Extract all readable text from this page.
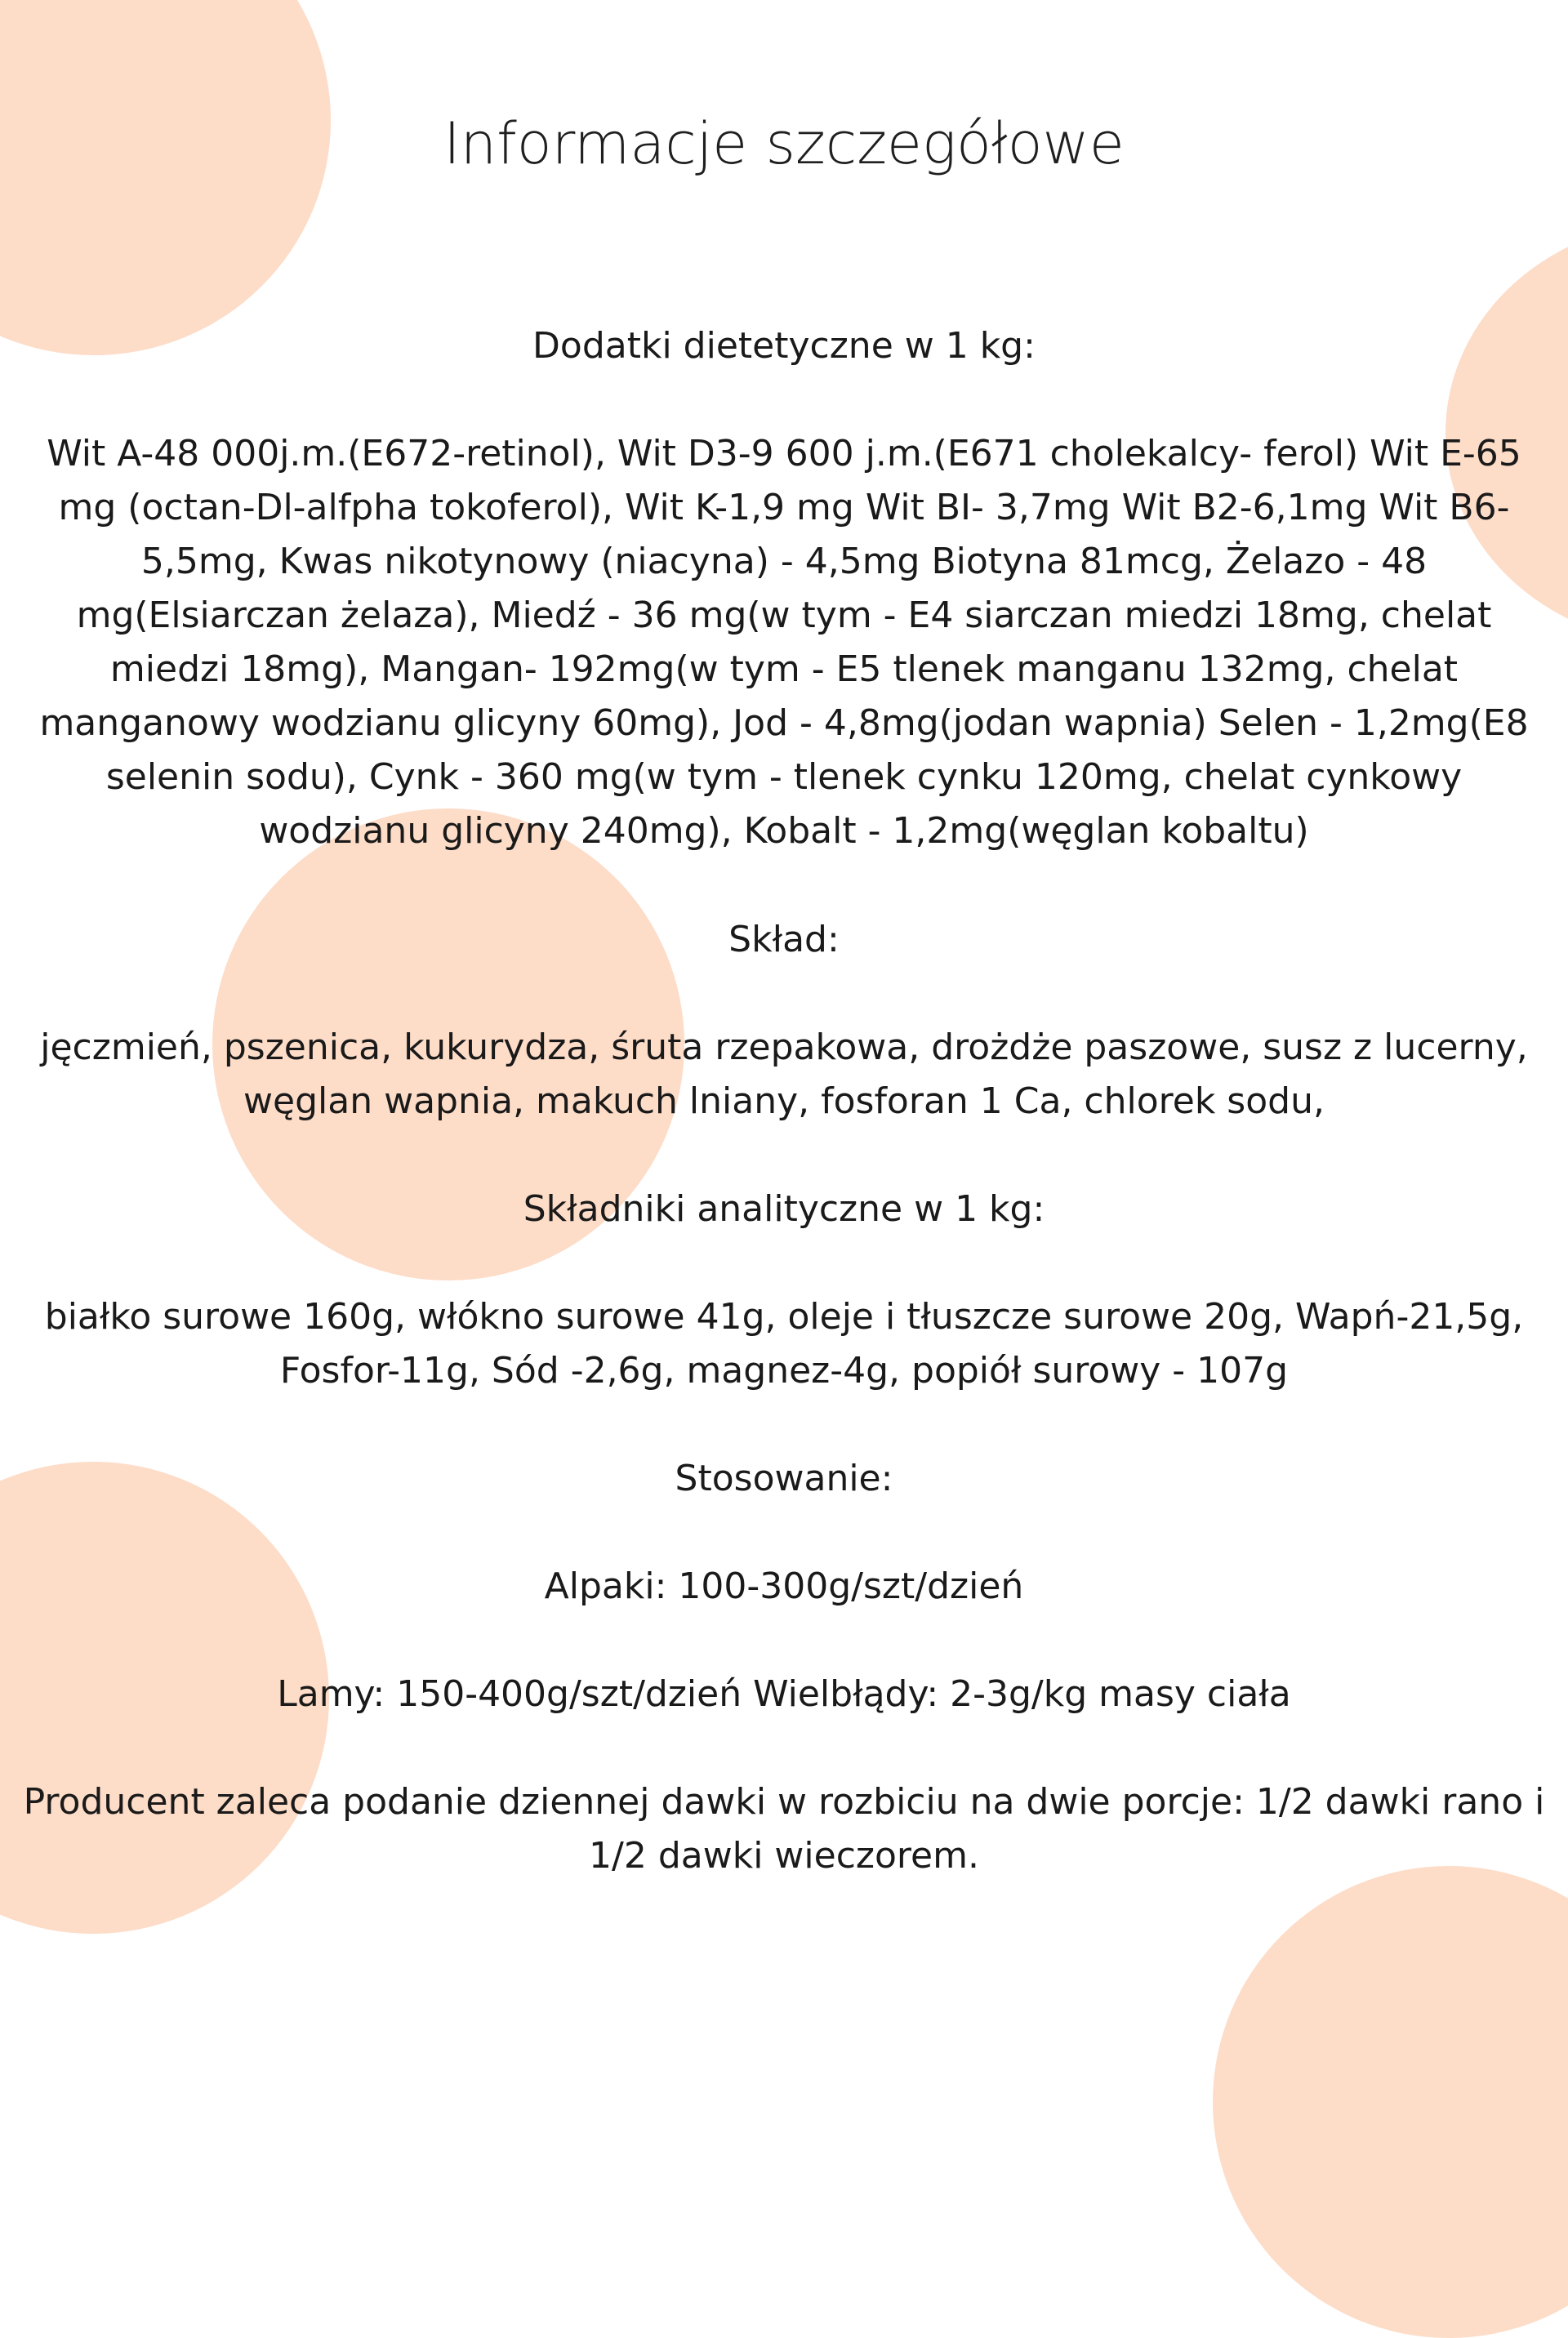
Informacje szczegółowe

Dodatki dietetyczne w 1 kg:

Wit A-48 000j.m.(E672-retinol), Wit D3-9 600 j.m.(E671 cholekalcy- ferol) Wit E-65 mg (octan-Dl-alfpha tokoferol), Wit K-1,9 mg Wit BI- 3,7mg Wit B2-6,1mg Wit B6-5,5mg, Kwas nikotynowy (niacyna) - 4,5mg Biotyna 81mcg, Żelazo - 48 mg(Elsiarczan żelaza), Miedź - 36 mg(w tym - E4 siarczan miedzi 18mg, chelat miedzi 18mg), Mangan- 192mg(w tym - E5 tlenek manganu 132mg, chelat manganowy wodzianu glicyny 60mg), Jod - 4,8mg(jodan wapnia) Selen - 1,2mg(E8 selenin sodu), Cynk - 360 mg(w tym - tlenek cynku 120mg, chelat cynkowy wodzianu glicyny 240mg), Kobalt - 1,2mg(węglan kobaltu)

Skład:

jęczmień, pszenica, kukurydza, śruta rzepakowa, drożdże paszowe, susz z lucerny, węglan wapnia, makuch lniany, fosforan 1 Ca, chlorek sodu,

Składniki analityczne w 1 kg:

białko surowe 160g, włókno surowe 41g, oleje i tłuszcze surowe 20g, Wapń-21,5g, Fosfor-11g, Sód -2,6g, magnez-4g, popiół surowy - 107g

Stosowanie:

Alpaki: 100-300g/szt/dzień

Lamy: 150-400g/szt/dzień Wielbłądy: 2-3g/kg masy ciała

Producent zaleca podanie dziennej dawki w rozbiciu na dwie porcje: 1/2 dawki rano i 1/2 dawki wieczorem.
